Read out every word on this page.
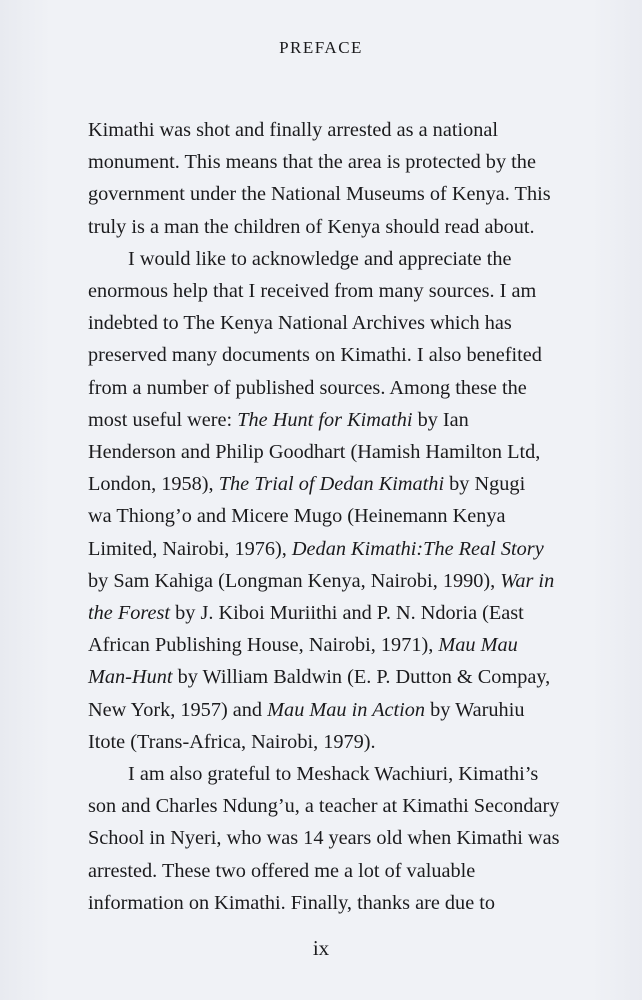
PREFACE
Kimathi was shot and finally arrested as a national
monument. This means that the area is protected by the
government under the National Museums of Kenya. This
truly is a man the children of Kenya should read about.
I would like to acknowledge and appreciate the
enormous help that I received from many sources. I am
indebted to The Kenya National Archives which has
preserved many documents on Kimathi. I also benefited
from a number of published sources. Among these the
most useful were: The Hunt for Kimathi by Ian
Henderson and Philip Goodhart (Hamish Hamilton Ltd,
London, 1958), The Trial of Dedan Kimathi by Ngugi
wa Thiong’o and Micere Mugo (Heinemann Kenya
Limited, Nairobi, 1976), Dedan Kimathi:The Real Story
by Sam Kahiga (Longman Kenya, Nairobi, 1990), War in
the Forest by J. Kiboi Muriithi and P. N. Ndoria (East
African Publishing House, Nairobi, 1971), Mau Mau
Man-Hunt by William Baldwin (E. P. Dutton & Compay,
New York, 1957) and Mau Mau in Action by Waruhiu
Itote (Trans-Africa, Nairobi, 1979).
I am also grateful to Meshack Wachiuri, Kimathi’s
son and Charles Ndung’u, a teacher at Kimathi Secondary
School in Nyeri, who was 14 years old when Kimathi was
arrested. These two offered me a lot of valuable
information on Kimathi. Finally, thanks are due to
ix
